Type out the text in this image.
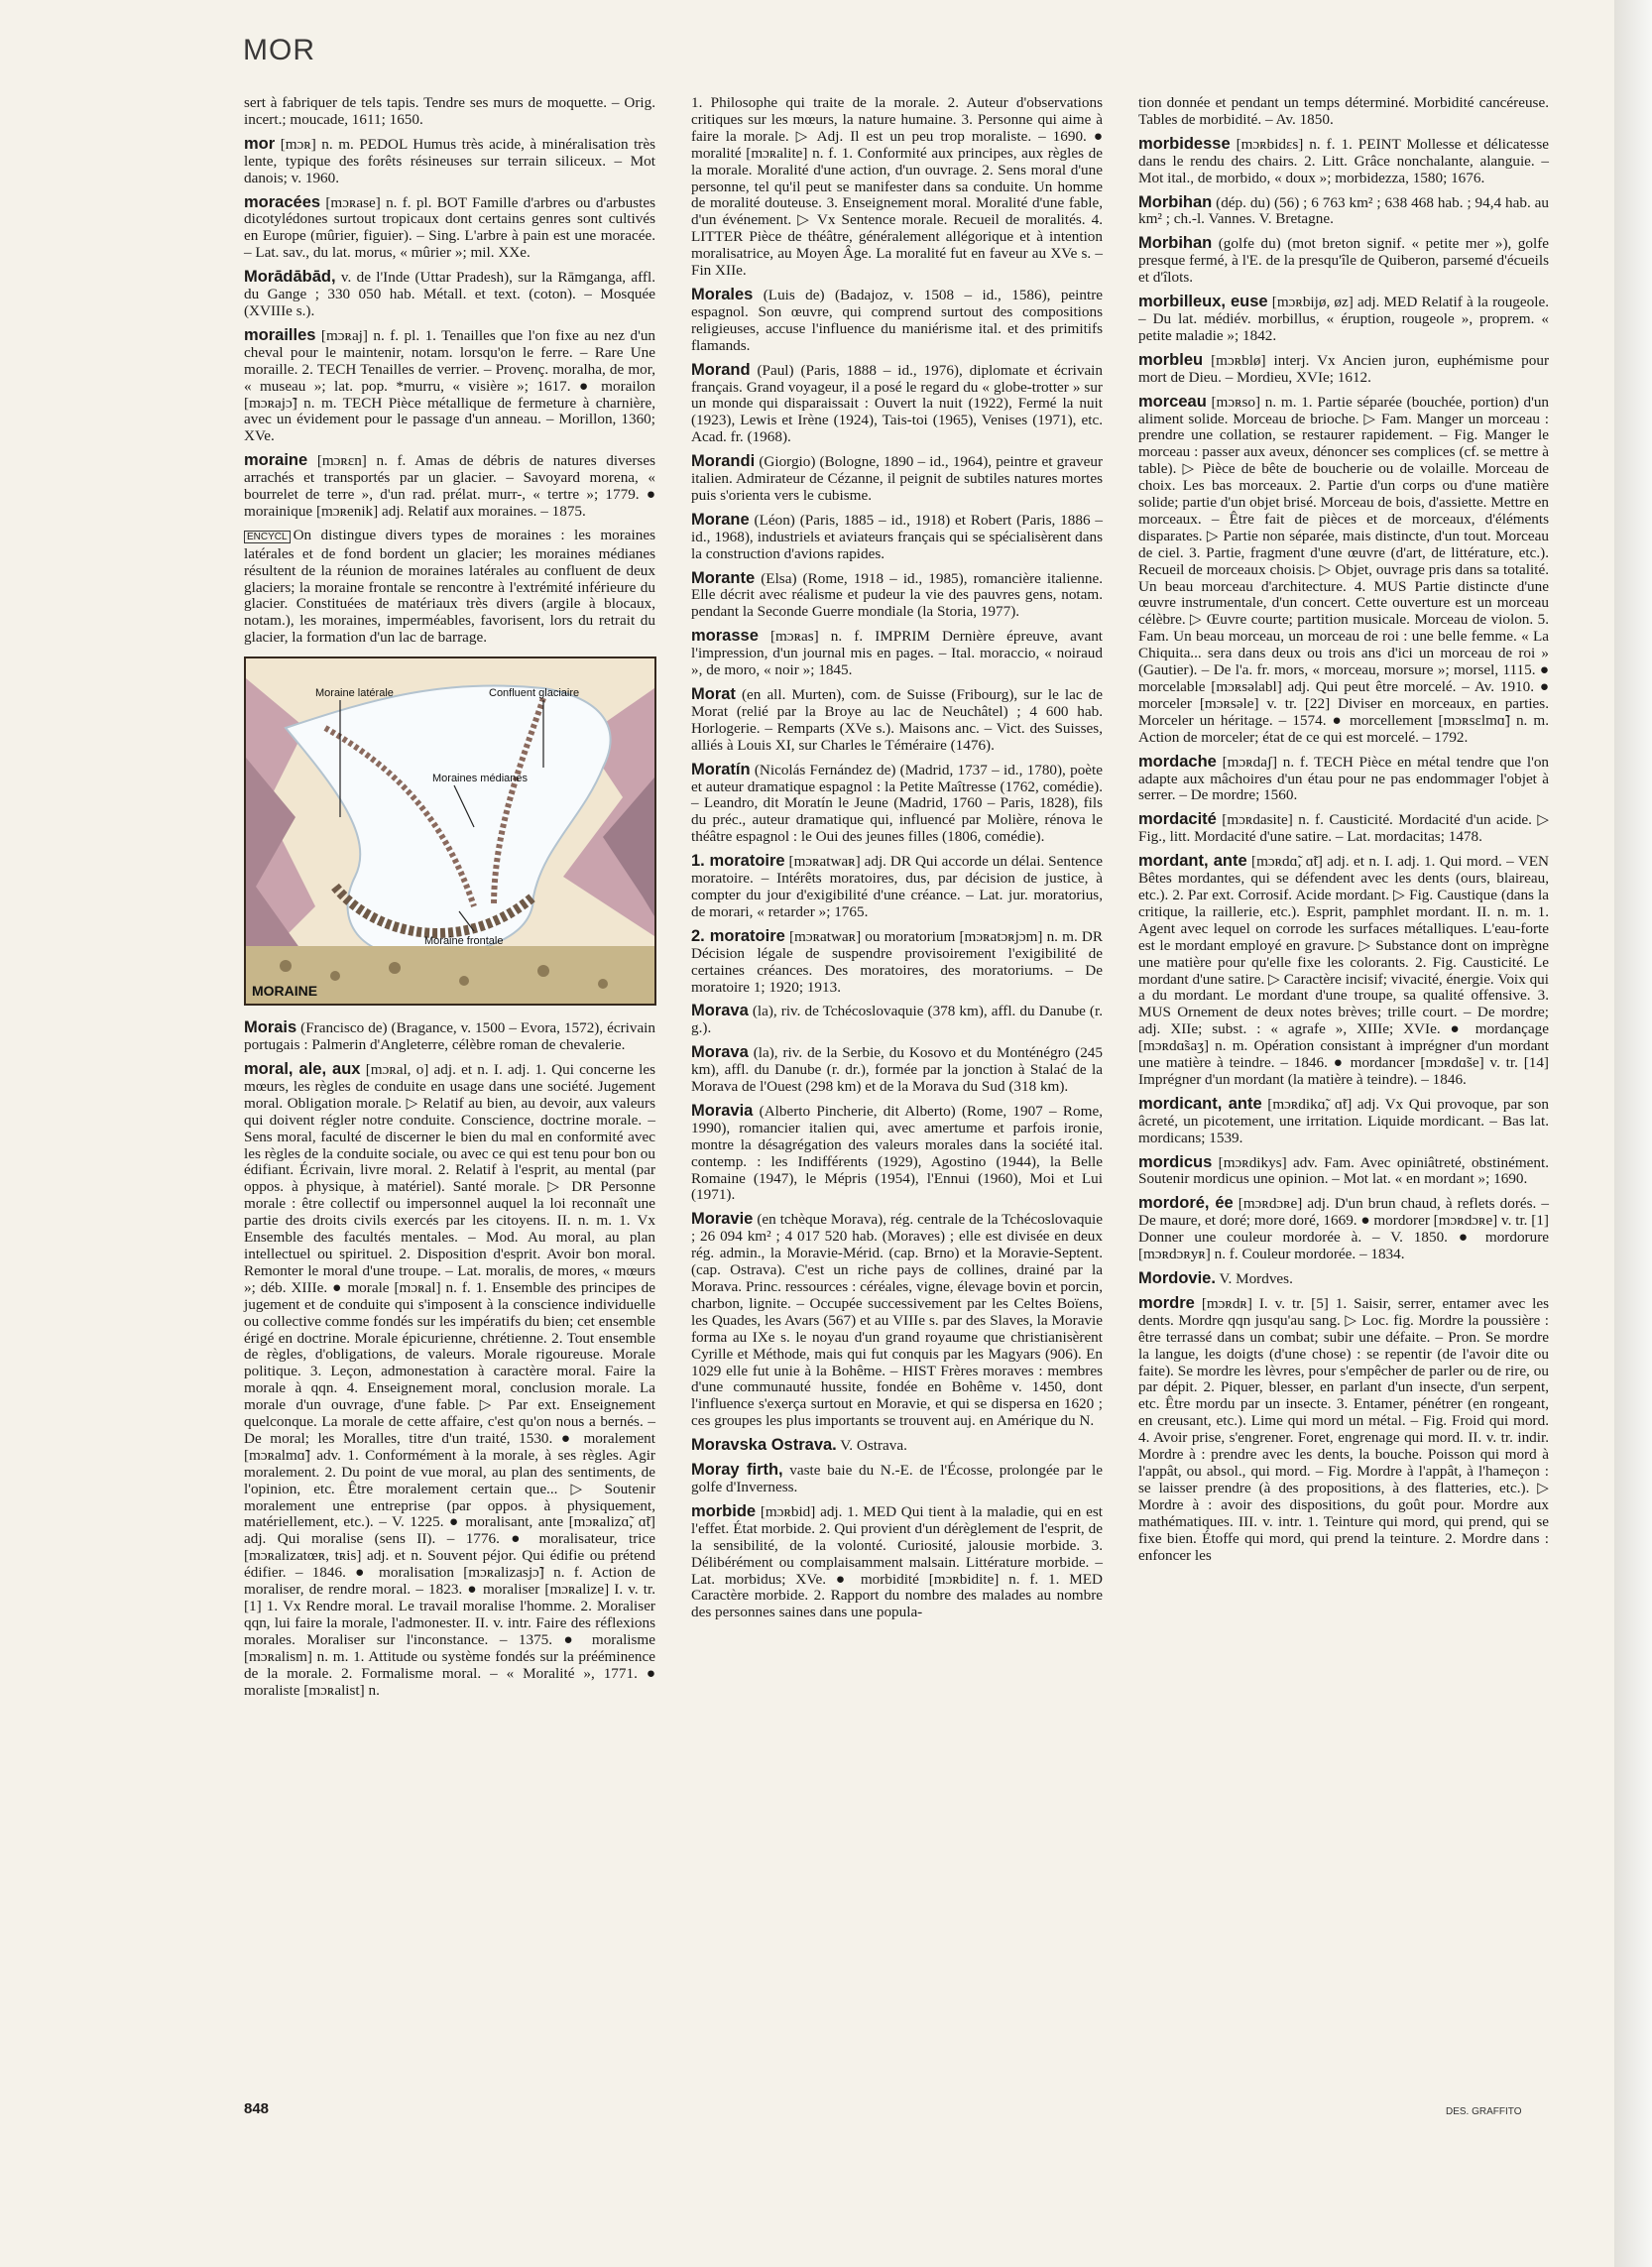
MOR

sert à fabriquer de tels tapis. Tendre ses murs de moquette. – Orig. incert.; moucade, 1611; 1650.

mor [mɔʀ] n. m. PEDOL Humus très acide, à minéralisation très lente, typique des forêts résineuses sur terrain siliceux. – Mot danois; v. 1960.

moracées [mɔʀase] n. f. pl. BOT Famille d'arbres ou d'arbustes dicotylédones surtout tropicaux dont certains genres sont cultivés en Europe (mûrier, figuier). – Sing. L'arbre à pain est une moracée. – Lat. sav., du lat. morus, « mûrier »; mil. XXe.

Morādābād, v. de l'Inde (Uttar Pradesh), sur la Rāmganga, affl. du Gange ; 330 050 hab. Métall. et text. (coton). – Mosquée (XVIIIe s.).

morailles [mɔʀaj] n. f. pl. 1. Tenailles que l'on fixe au nez d'un cheval pour le maintenir, notam. lorsqu'on le ferre. – Rare Une moraille. 2. TECH Tenailles de verrier. – Provenç. moralha, de mor, « museau »; lat. pop. *murru, « visière »; 1617. ● morailon [mɔʀajɔ̃] n. m. TECH Pièce métallique de fermeture à charnière, avec un évidement pour le passage d'un anneau. – Morillon, 1360; XVe.

moraine [mɔʀɛn] n. f. Amas de débris de natures diverses arrachés et transportés par un glacier. – Savoyard morena, « bourrelet de terre », d'un rad. prélat. murr-, « tertre »; 1779. ● morainique [mɔʀenik] adj. Relatif aux moraines. – 1875.

ENCYCL On distingue divers types de moraines : les moraines latérales et de fond bordent un glacier; les moraines médianes résultent de la réunion de moraines latérales au confluent de deux glaciers; la moraine frontale se rencontre à l'extrémité inférieure du glacier. Constituées de matériaux très divers (argile à blocaux, notam.), les moraines, imperméables, favorisent, lors du retrait du glacier, la formation d'un lac de barrage.

Moraine latérale	Confluent glaciaire
Moraines médianes
Moraine frontale
MORAINE

Morais (Francisco de) (Bragance, v. 1500 – Evora, 1572), écrivain portugais : Palmerin d'Angleterre, célèbre roman de chevalerie.

moral, ale, aux [mɔʀal, o] adj. et n. I. adj. 1. Qui concerne les mœurs, les règles de conduite en usage dans une société. Jugement moral. Obligation morale. ▷ Relatif au bien, au devoir, aux valeurs qui doivent régler notre conduite. Conscience, doctrine morale. – Sens moral, faculté de discerner le bien du mal en conformité avec les règles de la conduite sociale, ou avec ce qui est tenu pour bon ou édifiant. Écrivain, livre moral. 2. Relatif à l'esprit, au mental (par oppos. à physique, à matériel). Santé morale. ▷ DR Personne morale : être collectif ou impersonnel auquel la loi reconnaît une partie des droits civils exercés par les citoyens. II. n. m. 1. Vx Ensemble des facultés mentales. – Mod. Au moral, au plan intellectuel ou spirituel. 2. Disposition d'esprit. Avoir bon moral. Remonter le moral d'une troupe. – Lat. moralis, de mores, « mœurs »; déb. XIIIe. ● morale [mɔʀal] n. f. 1. Ensemble des principes de jugement et de conduite qui s'imposent à la conscience individuelle ou collective comme fondés sur les impératifs du bien; cet ensemble érigé en doctrine. Morale épicurienne, chrétienne. 2. Tout ensemble de règles, d'obligations, de valeurs. Morale rigoureuse. Morale politique. 3. Leçon, admonestation à caractère moral. Faire la morale à qqn. 4. Enseignement moral, conclusion morale. La morale d'un ouvrage, d'une fable. ▷ Par ext. Enseignement quelconque. La morale de cette affaire, c'est qu'on nous a bernés. – De moral; les Moralles, titre d'un traité, 1530. ● moralement [mɔʀalmɑ̃] adv. 1. Conformément à la morale, à ses règles. Agir moralement. 2. Du point de vue moral, au plan des sentiments, de l'opinion, etc. Être moralement certain que... ▷ Soutenir moralement une entreprise (par oppos. à physiquement, matériellement, etc.). – V. 1225. ● moralisant, ante [mɔʀalizɑ̃, ɑ̃t] adj. Qui moralise (sens II). – 1776. ● moralisateur, trice [mɔʀalizatœʀ, tʀis] adj. et n. Souvent péjor. Qui édifie ou prétend édifier. – 1846. ● moralisation [mɔʀalizasjɔ̃] n. f. Action de moraliser, de rendre moral. – 1823. ● moraliser [mɔʀalize] I. v. tr. [1] 1. Vx Rendre moral. Le travail moralise l'homme. 2. Moraliser qqn, lui faire la morale, l'admonester. II. v. intr. Faire des réflexions morales. Moraliser sur l'inconstance. – 1375. ● moralisme [mɔʀalism] n. m. 1. Attitude ou système fondés sur la prééminence de la morale. 2. Formalisme moral. – « Moralité », 1771. ● moraliste [mɔʀalist] n.

1. Philosophe qui traite de la morale. 2. Auteur d'observations critiques sur les mœurs, la nature humaine. 3. Personne qui aime à faire la morale. ▷ Adj. Il est un peu trop moraliste. – 1690. ● moralité [mɔʀalite] n. f. 1. Conformité aux principes, aux règles de la morale. Moralité d'une action, d'un ouvrage. 2. Sens moral d'une personne, tel qu'il peut se manifester dans sa conduite. Un homme de moralité douteuse. 3. Enseignement moral. Moralité d'une fable, d'un événement. ▷ Vx Sentence morale. Recueil de moralités. 4. LITTER Pièce de théâtre, généralement allégorique et à intention moralisatrice, au Moyen Âge. La moralité fut en faveur au XVe s. – Fin XIIe.

Morales (Luis de) (Badajoz, v. 1508 – id., 1586), peintre espagnol. Son œuvre, qui comprend surtout des compositions religieuses, accuse l'influence du maniérisme ital. et des primitifs flamands.

Morand (Paul) (Paris, 1888 – id., 1976), diplomate et écrivain français. Grand voyageur, il a posé le regard du « globe-trotter » sur un monde qui disparaissait : Ouvert la nuit (1922), Fermé la nuit (1923), Lewis et Irène (1924), Tais-toi (1965), Venises (1971), etc. Acad. fr. (1968).

Morandi (Giorgio) (Bologne, 1890 – id., 1964), peintre et graveur italien. Admirateur de Cézanne, il peignit de subtiles natures mortes puis s'orienta vers le cubisme.

Morane (Léon) (Paris, 1885 – id., 1918) et Robert (Paris, 1886 – id., 1968), industriels et aviateurs français qui se spécialisèrent dans la construction d'avions rapides.

Morante (Elsa) (Rome, 1918 – id., 1985), romancière italienne. Elle décrit avec réalisme et pudeur la vie des pauvres gens, notam. pendant la Seconde Guerre mondiale (la Storia, 1977).

morasse [mɔʀas] n. f. IMPRIM Dernière épreuve, avant l'impression, d'un journal mis en pages. – Ital. moraccio, « noiraud », de moro, « noir »; 1845.

Morat (en all. Murten), com. de Suisse (Fribourg), sur le lac de Morat (relié par la Broye au lac de Neuchâtel) ; 4 600 hab. Horlogerie. – Remparts (XVe s.). Maisons anc. – Vict. des Suisses, alliés à Louis XI, sur Charles le Téméraire (1476).

Moratín (Nicolás Fernández de) (Madrid, 1737 – id., 1780), poète et auteur dramatique espagnol : la Petite Maîtresse (1762, comédie). – Leandro, dit Moratín le Jeune (Madrid, 1760 – Paris, 1828), fils du préc., auteur dramatique qui, influencé par Molière, rénova le théâtre espagnol : le Oui des jeunes filles (1806, comédie).

1. moratoire [mɔʀatwaʀ] adj. DR Qui accorde un délai. Sentence moratoire. – Intérêts moratoires, dus, par décision de justice, à compter du jour d'exigibilité d'une créance. – Lat. jur. moratorius, de morari, « retarder »; 1765.

2. moratoire [mɔʀatwaʀ] ou moratorium [mɔʀatɔʀjɔm] n. m. DR Décision légale de suspendre provisoirement l'exigibilité de certaines créances. Des moratoires, des moratoriums. – De moratoire 1; 1920; 1913.

Morava (la), riv. de Tchécoslovaquie (378 km), affl. du Danube (r. g.).

Morava (la), riv. de la Serbie, du Kosovo et du Monténégro (245 km), affl. du Danube (r. dr.), formée par la jonction à Stalać de la Morava de l'Ouest (298 km) et de la Morava du Sud (318 km).

Moravia (Alberto Pincherie, dit Alberto) (Rome, 1907 – Rome, 1990), romancier italien qui, avec amertume et parfois ironie, montre la désagrégation des valeurs morales dans la société ital. contemp. : les Indifférents (1929), Agostino (1944), la Belle Romaine (1947), le Mépris (1954), l'Ennui (1960), Moi et Lui (1971).

Moravie (en tchèque Morava), rég. centrale de la Tchécoslovaquie ; 26 094 km² ; 4 017 520 hab. (Moraves) ; elle est divisée en deux rég. admin., la Moravie-Mérid. (cap. Brno) et la Moravie-Septent. (cap. Ostrava). C'est un riche pays de collines, drainé par la Morava. Princ. ressources : céréales, vigne, élevage bovin et porcin, charbon, lignite. – Occupée successivement par les Celtes Boïens, les Quades, les Avars (567) et au VIIIe s. par des Slaves, la Moravie forma au IXe s. le noyau d'un grand royaume que christianisèrent Cyrille et Méthode, mais qui fut conquis par les Magyars (906). En 1029 elle fut unie à la Bohême. – HIST Frères moraves : membres d'une communauté hussite, fondée en Bohême v. 1450, dont l'influence s'exerça surtout en Moravie, et qui se dispersa en 1620 ; ces groupes les plus importants se trouvent auj. en Amérique du N.

Moravska Ostrava. V. Ostrava.

Moray firth, vaste baie du N.-E. de l'Écosse, prolongée par le golfe d'Inverness.

morbide [mɔʀbid] adj. 1. MED Qui tient à la maladie, qui en est l'effet. État morbide. 2. Qui provient d'un dérèglement de l'esprit, de la sensibilité, de la volonté. Curiosité, jalousie morbide. 3. Délibérément ou complaisamment malsain. Littérature morbide. – Lat. morbidus; XVe. ● morbidité [mɔʀbidite] n. f. 1. MED Caractère morbide. 2. Rapport du nombre des malades au nombre des personnes saines dans une popula-

tion donnée et pendant un temps déterminé. Morbidité cancéreuse. Tables de morbidité. – Av. 1850.

morbidesse [mɔʀbidɛs] n. f. 1. PEINT Mollesse et délicatesse dans le rendu des chairs. 2. Litt. Grâce nonchalante, alanguie. – Mot ital., de morbido, « doux »; morbidezza, 1580; 1676.

Morbihan (dép. du) (56) ; 6 763 km² ; 638 468 hab. ; 94,4 hab. au km² ; ch.-l. Vannes. V. Bretagne.

Morbihan (golfe du) (mot breton signif. « petite mer »), golfe presque fermé, à l'E. de la presqu'île de Quiberon, parsemé d'écueils et d'îlots.

morbilleux, euse [mɔʀbijø, øz] adj. MED Relatif à la rougeole. – Du lat. médiév. morbillus, « éruption, rougeole », proprem. « petite maladie »; 1842.

morbleu [mɔʀblø] interj. Vx Ancien juron, euphémisme pour mort de Dieu. – Mordieu, XVIe; 1612.

morceau [mɔʀso] n. m. 1. Partie séparée (bouchée, portion) d'un aliment solide. Morceau de brioche. ▷ Fam. Manger un morceau : prendre une collation, se restaurer rapidement. – Fig. Manger le morceau : passer aux aveux, dénoncer ses complices (cf. se mettre à table). ▷ Pièce de bête de boucherie ou de volaille. Morceau de choix. Les bas morceaux. 2. Partie d'un corps ou d'une matière solide; partie d'un objet brisé. Morceau de bois, d'assiette. Mettre en morceaux. – Être fait de pièces et de morceaux, d'éléments disparates. ▷ Partie non séparée, mais distincte, d'un tout. Morceau de ciel. 3. Partie, fragment d'une œuvre (d'art, de littérature, etc.). Recueil de morceaux choisis. ▷ Objet, ouvrage pris dans sa totalité. Un beau morceau d'architecture. 4. MUS Partie distincte d'une œuvre instrumentale, d'un concert. Cette ouverture est un morceau célèbre. ▷ Œuvre courte; partition musicale. Morceau de violon. 5. Fam. Un beau morceau, un morceau de roi : une belle femme. « La Chiquita... sera dans deux ou trois ans d'ici un morceau de roi » (Gautier). – De l'a. fr. mors, « morceau, morsure »; morsel, 1115. ● morcelable [mɔʀsəlabl] adj. Qui peut être morcelé. – Av. 1910. ● morceler [mɔʀsəle] v. tr. [22] Diviser en morceaux, en parties. Morceler un héritage. – 1574. ● morcellement [mɔʀsɛlmɑ̃] n. m. Action de morceler; état de ce qui est morcelé. – 1792.

mordache [mɔʀdaʃ] n. f. TECH Pièce en métal tendre que l'on adapte aux mâchoires d'un étau pour ne pas endommager l'objet à serrer. – De mordre; 1560.

mordacité [mɔʀdasite] n. f. Causticité. Mordacité d'un acide. ▷ Fig., litt. Mordacité d'une satire. – Lat. mordacitas; 1478.

mordant, ante [mɔʀdɑ̃, ɑ̃t] adj. et n. I. adj. 1. Qui mord. – VEN Bêtes mordantes, qui se défendent avec les dents (ours, blaireau, etc.). 2. Par ext. Corrosif. Acide mordant. ▷ Fig. Caustique (dans la critique, la raillerie, etc.). Esprit, pamphlet mordant. II. n. m. 1. Agent avec lequel on corrode les surfaces métalliques. L'eau-forte est le mordant employé en gravure. ▷ Substance dont on imprègne une matière pour qu'elle fixe les colorants. 2. Fig. Causticité. Le mordant d'une satire. ▷ Caractère incisif; vivacité, énergie. Voix qui a du mordant. Le mordant d'une troupe, sa qualité offensive. 3. MUS Ornement de deux notes brèves; trille court. – De mordre; adj. XIIe; subst. : « agrafe », XIIIe; XVIe. ● mordançage [mɔʀdɑ̃saʒ] n. m. Opération consistant à imprégner d'un mordant une matière à teindre. – 1846. ● mordancer [mɔʀdɑ̃se] v. tr. [14] Imprégner d'un mordant (la matière à teindre). – 1846.

mordicant, ante [mɔʀdikɑ̃, ɑ̃t] adj. Vx Qui provoque, par son âcreté, un picotement, une irritation. Liquide mordicant. – Bas lat. mordicans; 1539.

mordicus [mɔʀdikys] adv. Fam. Avec opiniâtreté, obstinément. Soutenir mordicus une opinion. – Mot lat. « en mordant »; 1690.

mordoré, ée [mɔʀdɔʀe] adj. D'un brun chaud, à reflets dorés. – De maure, et doré; more doré, 1669. ● mordorer [mɔʀdɔʀe] v. tr. [1] Donner une couleur mordorée à. – V. 1850. ● mordorure [mɔʀdɔʀyʀ] n. f. Couleur mordorée. – 1834.

Mordovie. V. Mordves.

mordre [mɔʀdʀ] I. v. tr. [5] 1. Saisir, serrer, entamer avec les dents. Mordre qqn jusqu'au sang. ▷ Loc. fig. Mordre la poussière : être terrassé dans un combat; subir une défaite. – Pron. Se mordre la langue, les doigts (d'une chose) : se repentir (de l'avoir dite ou faite). Se mordre les lèvres, pour s'empêcher de parler ou de rire, ou par dépit. 2. Piquer, blesser, en parlant d'un insecte, d'un serpent, etc. Être mordu par un insecte. 3. Entamer, pénétrer (en rongeant, en creusant, etc.). Lime qui mord un métal. – Fig. Froid qui mord. 4. Avoir prise, s'engrener. Foret, engrenage qui mord. II. v. tr. indir. Mordre à : prendre avec les dents, la bouche. Poisson qui mord à l'appât, ou absol., qui mord. – Fig. Mordre à l'appât, à l'hameçon : se laisser prendre (à des propositions, à des flatteries, etc.). ▷ Mordre à : avoir des dispositions, du goût pour. Mordre aux mathématiques. III. v. intr. 1. Teinture qui mord, qui prend, qui se fixe bien. Étoffe qui mord, qui prend la teinture. 2. Mordre dans : enfoncer les

848	DES. GRAFFITO
